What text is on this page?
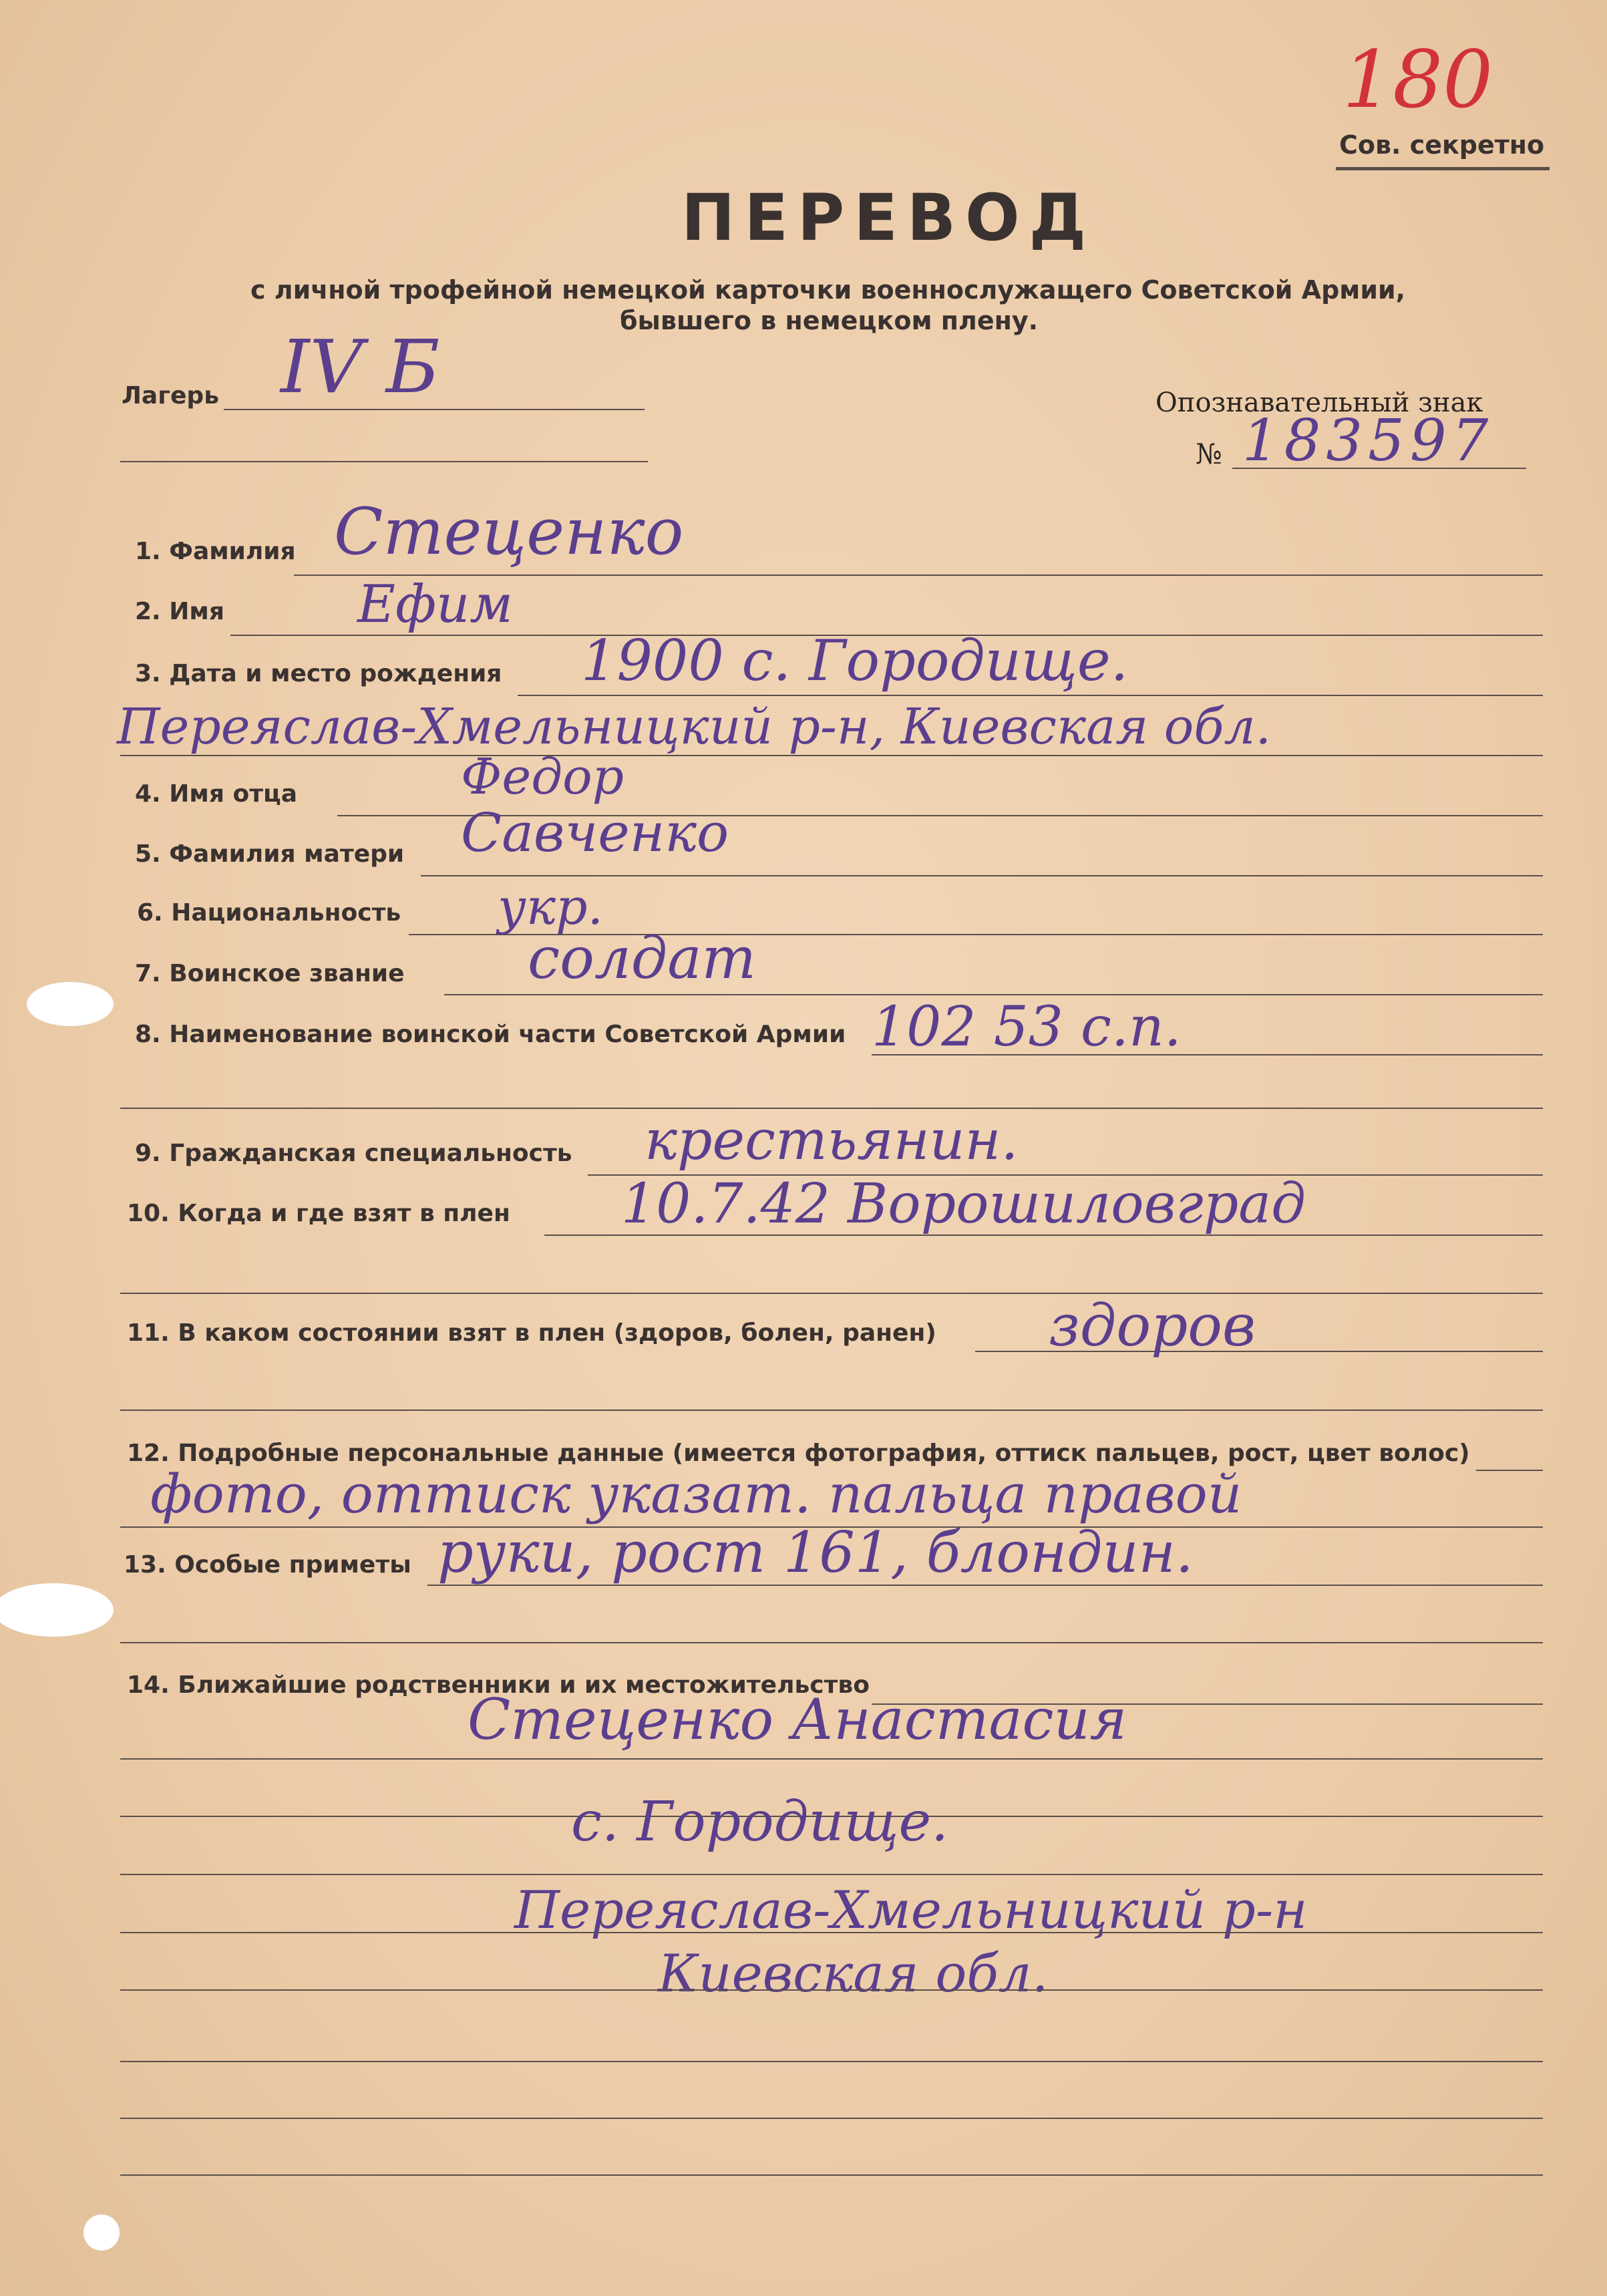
180
Сов. секретно
ПЕРЕВОД
с личной трофейной немецкой карточки военнослужащего Советской Армии,
бывшего в немецком плену.
Лагерь IV Б	Опознавательный знак
№ 183597
1. Фамилия Стеценко
2. Имя	Ефим
3. Дата и место рождения 1900 с. Городище.
Переяслав-Хмельницкий р-н, Киевская обл.
4. Имя отца	Федор
5. Фамилия матери Савченко
6. Национальность укр.
7. Воинское звание солдат
8. Наименование воинской части Советской Армии 102 53 с.п.
9. Гражданская специальность крестьянин.
10. Когда и где взят в плен 10.7.42 Ворошиловград
11. В каком состоянии взят в плен (здоров, болен, ранен) здоров
12. Подробные персональные данные (имеется фотография, оттиск пальцев, рост, цвет волос)
фото, оттиск указат. пальца правой
13. Особые приметы руки, рост 161, блондин.
14. Ближайшие родственники и их местожительство
Стеценко Анастасия
с. Городище.
Переяслав-Хмельницкий р-н
Киевская обл.
